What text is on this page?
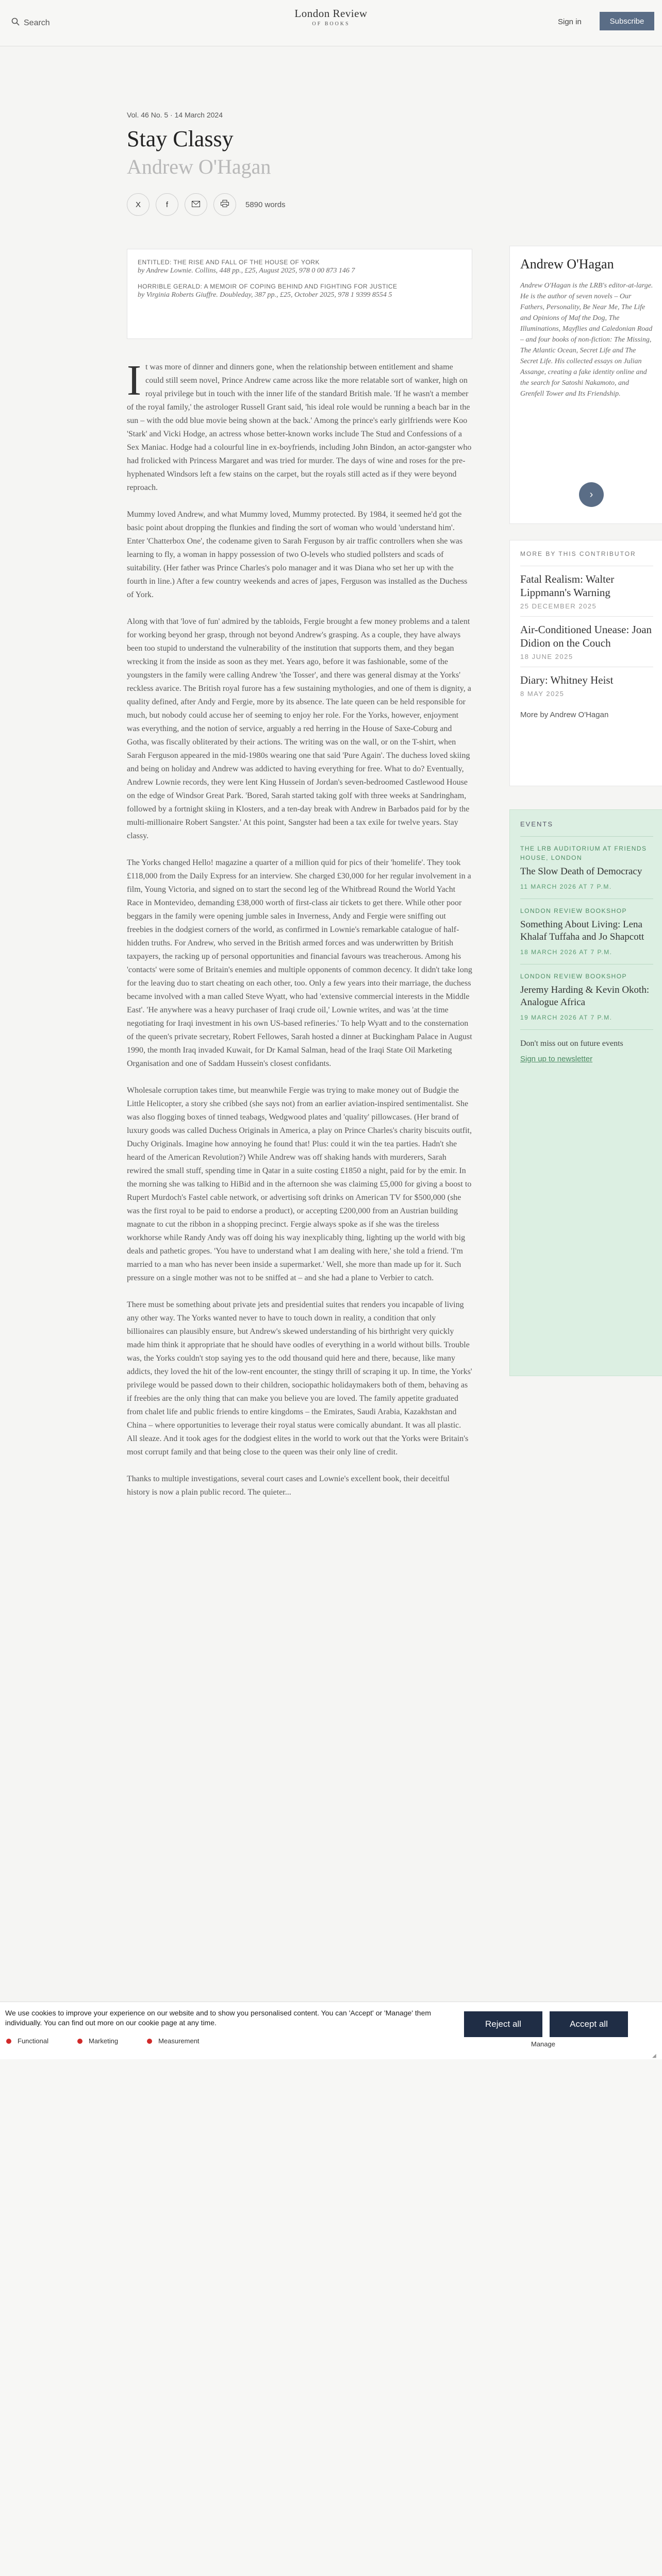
Search
London Review
OF BOOKS	Sign in	Subscribe
Vol. 46 No. 5 · 14 March 2024
Stay Classy
Andrew O'Hagan
X	f	5890 words
ENTITLED: THE RISE AND FALL OF THE HOUSE OF YORK
by Andrew Lownie. Collins, 448 pp., £25, August 2025, 978 0 00 873 146 7
HORRIBLE GERALD: A MEMOIR OF COPING BEHIND AND FIGHTING FOR JUSTICE
by Virginia Roberts Giuffre. Doubleday, 387 pp., £25, October 2025, 978 1 9399 8554 5

It was more of dinner and dinners gone, when the relationship between entitlement and shame could still seem novel, Prince Andrew came across like the more relatable sort of wanker, high on royal privilege but in touch with the inner life of the standard British male. 'If he wasn't a member of the royal family,' the astrologer Russell Grant said, 'his ideal role would be running a beach bar in the sun – with the odd blue movie being shown at the back.' Among the prince's early girlfriends were Koo 'Stark' and Vicki Hodge, an actress whose better-known works include The Stud and Confessions of a Sex Maniac. Hodge had a colourful line in ex-boyfriends, including John Bindon, an actor-gangster who had frolicked with Princess Margaret and was tried for murder. The days of wine and roses for the pre-hyphenated Windsors left a few stains on the carpet, but the royals still acted as if they were beyond reproach.

Mummy loved Andrew, and what Mummy loved, Mummy protected. By 1984, it seemed he'd got the basic point about dropping the flunkies and finding the sort of woman who would 'understand him'. Enter 'Chatterbox One', the codename given to Sarah Ferguson by air traffic controllers when she was learning to fly, a woman in happy possession of two O-levels who studied pollsters and scads of suitability. (Her father was Prince Charles's polo manager and it was Diana who set her up with the fourth in line.) After a few country weekends and acres of japes, Ferguson was installed as the Duchess of York.

Along with that 'love of fun' admired by the tabloids, Fergie brought a few money problems and a talent for working beyond her grasp, through not beyond Andrew's grasping. As a couple, they have always been too stupid to understand the vulnerability of the institution that supports them, and they began wrecking it from the inside as soon as they met. Years ago, before it was fashionable, some of the youngsters in the family were calling Andrew 'the Tosser', and there was general dismay at the Yorks' reckless avarice. The British royal furore has a few sustaining mythologies, and one of them is dignity, a quality defined, after Andy and Fergie, more by its absence. The late queen can be held responsible for much, but nobody could accuse her of seeming to enjoy her role. For the Yorks, however, enjoyment was everything, and the notion of service, arguably a red herring in the House of Saxe-Coburg and Gotha, was fiscally obliterated by their actions. The writing was on the wall, or on the T-shirt, when Sarah Ferguson appeared in the mid-1980s wearing one that said 'Pure Again'. The duchess loved skiing and being on holiday and Andrew was addicted to having everything for free. What to do? Eventually, Andrew Lownie records, they were lent King Hussein of Jordan's seven-bedroomed Castlewood House on the edge of Windsor Great Park. 'Bored, Sarah started taking golf with three weeks at Sandringham, followed by a fortnight skiing in Klosters, and a ten-day break with Andrew in Barbados paid for by the multi-millionaire Robert Sangster.' At this point, Sangster had been a tax exile for twelve years. Stay classy.

The Yorks changed Hello! magazine a quarter of a million quid for pics of their 'homelife'. They took £118,000 from the Daily Express for an interview. She charged £30,000 for her regular involvement in a film, Young Victoria, and signed on to start the second leg of the Whitbread Round the World Yacht Race in Montevideo, demanding £38,000 worth of first-class air tickets to get there. While other poor beggars in the family were opening jumble sales in Inverness, Andy and Fergie were sniffing out freebies in the dodgiest corners of the world, as confirmed in Lownie's remarkable catalogue of half-hidden truths. For Andrew, who served in the British armed forces and was underwritten by British taxpayers, the racking up of personal opportunities and financial favours was treacherous. Among his 'contacts' were some of Britain's enemies and multiple opponents of common decency. It didn't take long for the leaving duo to start cheating on each other, too. Only a few years into their marriage, the duchess became involved with a man called Steve Wyatt, who had 'extensive commercial interests in the Middle East'. 'He anywhere was a heavy purchaser of Iraqi crude oil,' Lownie writes, and was 'at the time negotiating for Iraqi investment in his own US-based refineries.' To help Wyatt and to the consternation of the queen's private secretary, Robert Fellowes, Sarah hosted a dinner at Buckingham Palace in August 1990, the month Iraq invaded Kuwait, for Dr Kamal Salman, head of the Iraqi State Oil Marketing Organisation and one of Saddam Hussein's closest confidants.

Wholesale corruption takes time, but meanwhile Fergie was trying to make money out of Budgie the Little Helicopter, a story she cribbed (she says not) from an earlier aviation-inspired sentimentalist. She was also flogging boxes of tinned teabags, Wedgwood plates and 'quality' pillowcases. (Her brand of luxury goods was called Duchess Originals in America, a play on Prince Charles's charity biscuits outfit, Duchy Originals. Imagine how annoying he found that! Plus: could it win the tea parties. Hadn't she heard of the American Revolution?) While Andrew was off shaking hands with murderers, Sarah rewired the small stuff, spending time in Qatar in a suite costing £1850 a night, paid for by the emir. In the morning she was talking to HiBid and in the afternoon she was claiming £5,000 for giving a boost to Rupert Murdoch's Fastel cable network, or advertising soft drinks on American TV for $500,000 (she was the first royal to be paid to endorse a product), or accepting £200,000 from an Austrian building magnate to cut the ribbon in a shopping precinct. Fergie always spoke as if she was the tireless workhorse while Randy Andy was off doing his way inexplicably thing, lighting up the world with big deals and pathetic gropes. 'You have to understand what I am dealing with here,' she told a friend. 'I'm married to a man who has never been inside a supermarket.' Well, she more than made up for it. Such pressure on a single mother was not to be sniffed at – and she had a plane to Verbier to catch.

There must be something about private jets and presidential suites that renders you incapable of living any other way. The Yorks wanted never to have to touch down in reality, a condition that only billionaires can plausibly ensure, but Andrew's skewed understanding of his birthright very quickly made him think it appropriate that he should have oodles of everything in a world without bills. Trouble was, the Yorks couldn't stop saying yes to the odd thousand quid here and there, because, like many addicts, they loved the hit of the low-rent encounter, the stingy thrill of scraping it up. In time, the Yorks' privilege would be passed down to their children, sociopathic holidaymakers both of them, behaving as if freebies are the only thing that can make you believe you are loved. The family appetite graduated from chalet life and public friends to entire kingdoms – the Emirates, Saudi Arabia, Kazakhstan and China – where opportunities to leverage their royal status were comically abundant. It was all plastic. All sleaze. And it took ages for the dodgiest elites in the world to work out that the Yorks were Britain's most corrupt family and that being close to the queen was their only line of credit.

Thanks to multiple investigations, several court cases and Lownie's excellent book, their deceitful history is now a plain public record. The quieter...

Andrew O'Hagan
Andrew O'Hagan is the LRB's editor-at-large. He is the author of seven novels – Our Fathers, Personality, Be Near Me, The Life and Opinions of Maf the Dog, The Illuminations, Mayflies and Caledonian Road – and four books of non-fiction: The Missing, The Atlantic Ocean, Secret Life and The Secret Life. His collected essays on Julian Assange, creating a fake identity online and the search for Satoshi Nakamoto, and Grenfell Tower and Its Friendship.
›
MORE BY THIS CONTRIBUTOR
Fatal Realism: Walter Lippmann's Warning
25 DECEMBER 2025
Air-Conditioned Unease: Joan Didion on the Couch
18 JUNE 2025
Diary: Whitney Heist
8 MAY 2025
More by Andrew O'Hagan
EVENTS
THE LRB AUDITORIUM AT FRIENDS HOUSE, LONDON
The Slow Death of Democracy
11 MARCH 2026 AT 7 P.M.
LONDON REVIEW BOOKSHOP
Something About Living: Lena Khalaf Tuffaha and Jo Shapcott
18 MARCH 2026 AT 7 P.M.
LONDON REVIEW BOOKSHOP
Jeremy Harding & Kevin Okoth: Analogue Africa
19 MARCH 2026 AT 7 P.M.
Don't miss out on future events
Sign up to newsletter
We use cookies to improve your experience on our website and to show you personalised content. You can 'Accept' or 'Manage' them individually. You can find out more on our cookie page at any time.
Functional	Marketing	Measurement
Reject all	Accept all
Manage
◢
